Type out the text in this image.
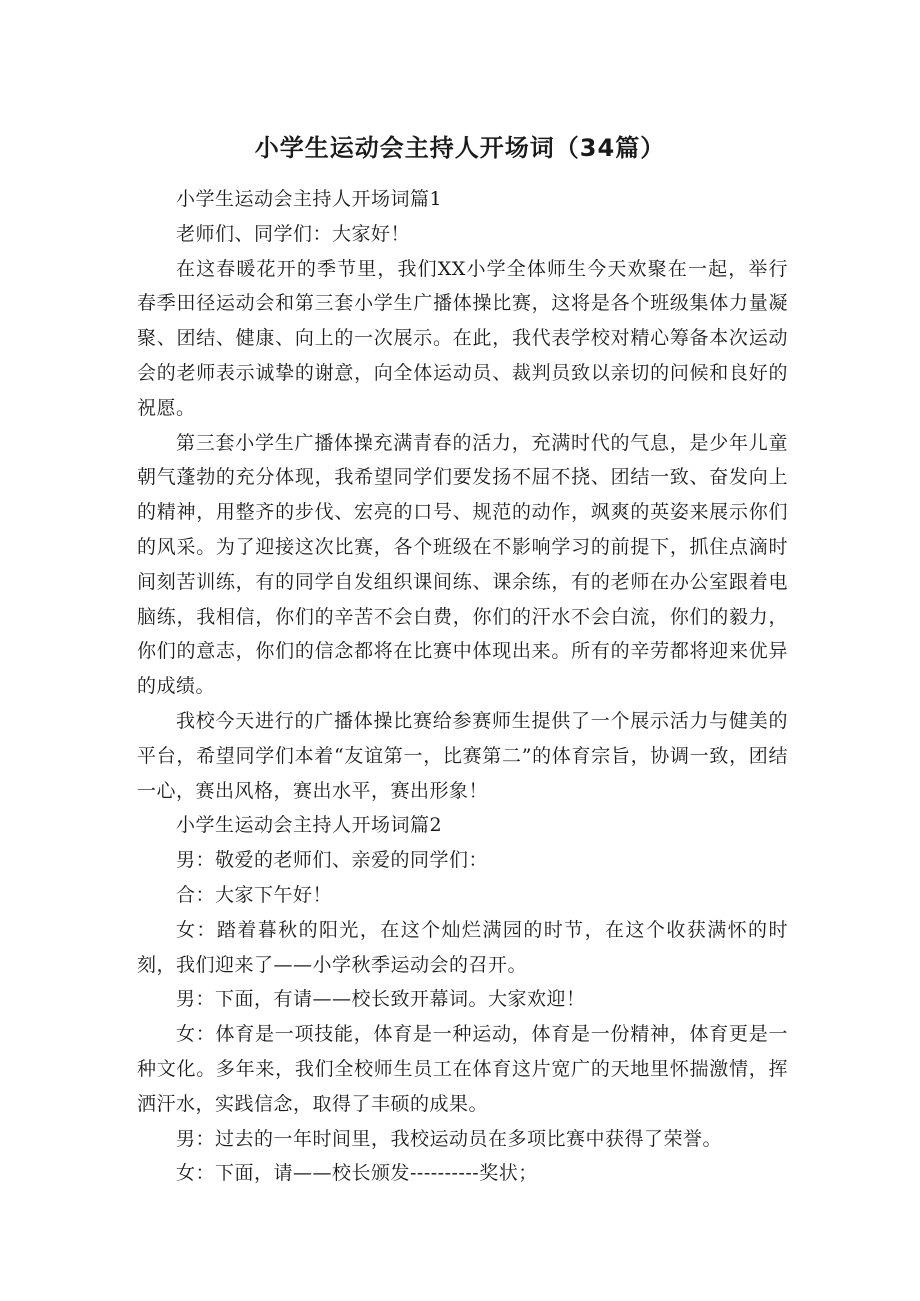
小学生运动会主持人开场词（34篇）

小学生运动会主持人开场词篇1

老师们、同学们：大家好！

在这春暖花开的季节里，我们XX小学全体师生今天欢聚在一起，举行春季田径运动会和第三套小学生广播体操比赛，这将是各个班级集体力量凝聚、团结、健康、向上的一次展示。在此，我代表学校对精心筹备本次运动会的老师表示诚挚的谢意，向全体运动员、裁判员致以亲切的问候和良好的祝愿。

第三套小学生广播体操充满青春的活力，充满时代的气息，是少年儿童朝气蓬勃的充分体现，我希望同学们要发扬不屈不挠、团结一致、奋发向上的精神，用整齐的步伐、宏亮的口号、规范的动作，飒爽的英姿来展示你们的风采。为了迎接这次比赛，各个班级在不影响学习的前提下，抓住点滴时间刻苦训练，有的同学自发组织课间练、课余练，有的老师在办公室跟着电脑练，我相信，你们的辛苦不会白费，你们的汗水不会白流，你们的毅力，你们的意志，你们的信念都将在比赛中体现出来。所有的辛劳都将迎来优异的成绩。

我校今天进行的广播体操比赛给参赛师生提供了一个展示活力与健美的平台，希望同学们本着“友谊第一，比赛第二”的体育宗旨，协调一致，团结一心，赛出风格，赛出水平，赛出形象！

小学生运动会主持人开场词篇2

男：敬爱的老师们、亲爱的同学们：

合：大家下午好！

女：踏着暮秋的阳光，在这个灿烂满园的时节，在这个收获满怀的时刻，我们迎来了——小学秋季运动会的召开。

男：下面，有请——校长致开幕词。大家欢迎！

女：体育是一项技能，体育是一种运动，体育是一份精神，体育更是一种文化。多年来，我们全校师生员工在体育这片宽广的天地里怀揣激情，挥洒汗水，实践信念，取得了丰硕的成果。

男：过去的一年时间里，我校运动员在多项比赛中获得了荣誉。

女：下面，请——校长颁发----------奖状；
